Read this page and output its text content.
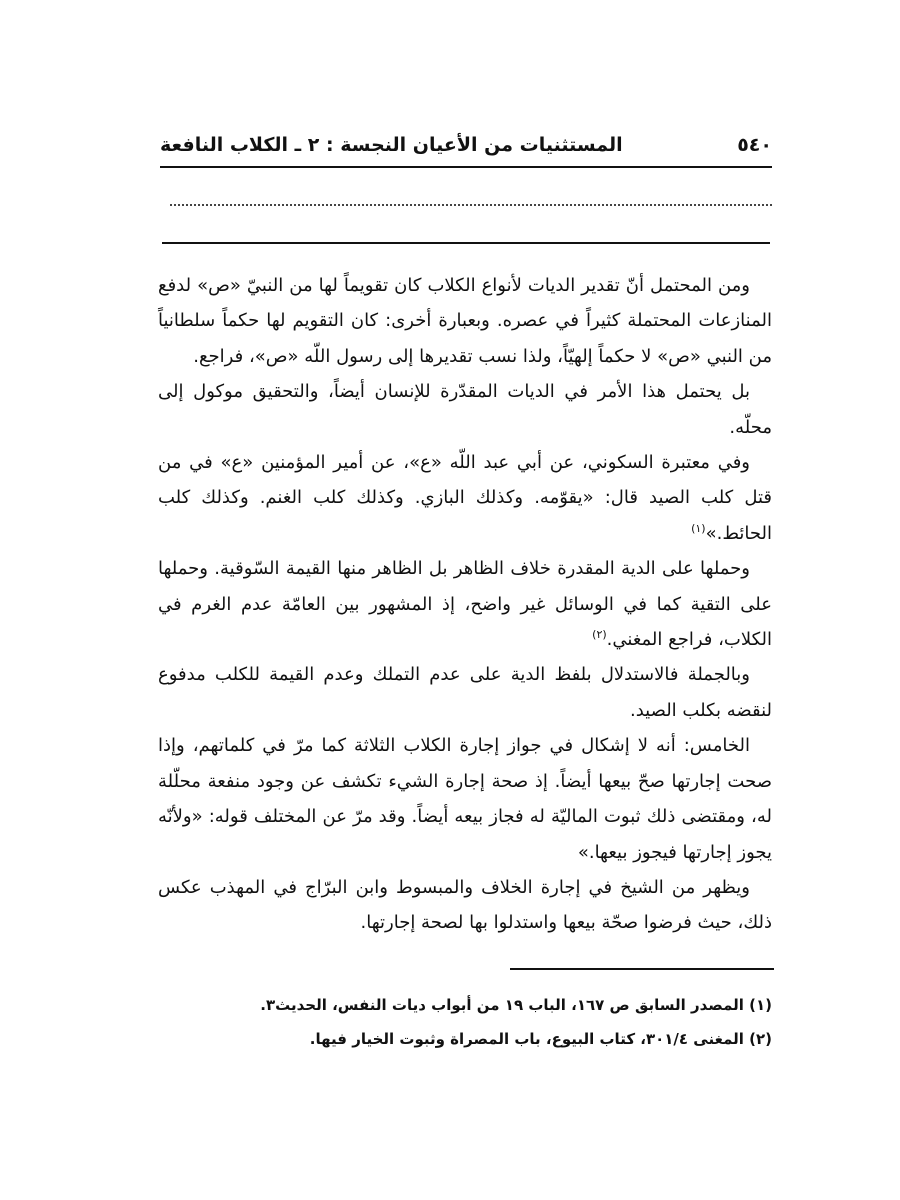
٥٤٠
المستثنيات من الأعيان النجسة : ٢ ـ الكلاب النافعة

ومن المحتمل أنّ تقدير الديات لأنواع الكلاب كان تقويماً لها من النبيّ «ص» لدفع المنازعات المحتملة كثيراً في عصره. وبعبارة أخرى: كان التقويم لها حكماً سلطانياً من النبي «ص» لا حكماً إلهيّاً، ولذا نسب تقديرها إلى رسول اللّه «ص»، فراجع.

بل يحتمل هذا الأمر في الديات المقدّرة للإنسان أيضاً، والتحقيق موكول إلى محلّه.

وفي معتبرة السكوني، عن أبي عبد اللّه «ع»، عن أمير المؤمنين «ع» في من قتل كلب الصيد قال: «يقوّمه. وكذلك البازي. وكذلك كلب الغنم. وكذلك كلب الحائط.»$^{(١)}$

وحملها على الدية المقدرة خلاف الظاهر بل الظاهر منها القيمة السّوقية. وحملها على التقية كما في الوسائل غير واضح، إذ المشهور بين العامّة عدم الغرم في الكلاب، فراجع المغني.$^{(٢)}$

وبالجملة فالاستدلال بلفظ الدية على عدم التملك وعدم القيمة للكلب مدفوع لنقضه بكلب الصيد.

الخامس: أنه لا إشكال في جواز إجارة الكلاب الثلاثة كما مرّ في كلماتهم، وإذا صحت إجارتها صحّ بيعها أيضاً. إذ صحة إجارة الشيء تكشف عن وجود منفعة محلّلة له، ومقتضى ذلك ثبوت الماليّة له فجاز بيعه أيضاً. وقد مرّ عن المختلف قوله: «ولأنّه يجوز إجارتها فيجوز بيعها.»

ويظهر من الشيخ في إجارة الخلاف والمبسوط وابن البرّاج في المهذب عكس ذلك، حيث فرضوا صحّة بيعها واستدلوا بها لصحة إجارتها.

(١) المصدر السابق ص ١٦٧، الباب ١٩ من أبواب ديات النفس، الحديث٣.
(٢) المغنى ٣٠١/٤، كتاب البيوع، باب المصراة وثبوت الخيار فيها.
